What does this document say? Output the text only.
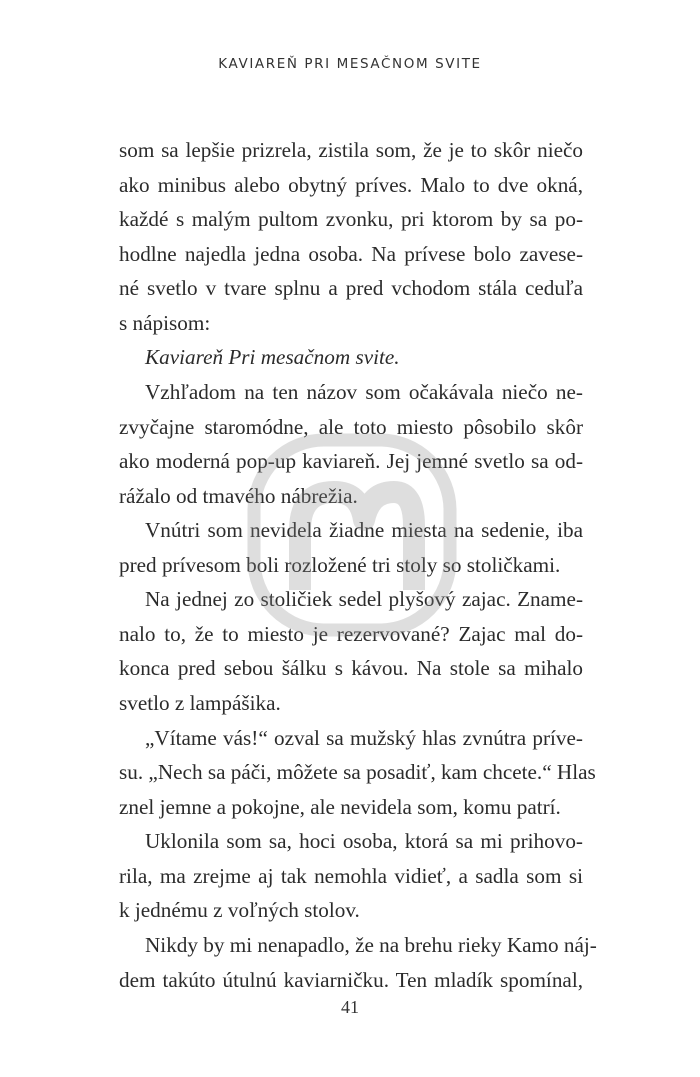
KAVIAREŇ PRI MESAČNOM SVITE
som sa lepšie prizrela, zistila som, že je to skôr niečo
ako minibus alebo obytný príves. Malo to dve okná,
každé s malým pultom zvonku, pri ktorom by sa po-
hodlne najedla jedna osoba. Na prívese bolo zavese-
né svetlo v tvare splnu a pred vchodom stála ceduľa
s nápisom:
Kaviareň Pri mesačnom svite.
Vzhľadom na ten názov som očakávala niečo ne-
zvyčajne staromódne, ale toto miesto pôsobilo skôr
ako moderná pop-up kaviareň. Jej jemné svetlo sa od-
rážalo od tmavého nábrežia.
Vnútri som nevidela žiadne miesta na sedenie, iba
pred prívesom boli rozložené tri stoly so stoličkami.
Na jednej zo stoličiek sedel plyšový zajac. Zname-
nalo to, že to miesto je rezervované? Zajac mal do-
konca pred sebou šálku s kávou. Na stole sa mihalo
svetlo z lampášika.
„Vítame vás!“ ozval sa mužský hlas zvnútra príve-
su. „Nech sa páči, môžete sa posadiť, kam chcete.“ Hlas
znel jemne a pokojne, ale nevidela som, komu patrí.
Uklonila som sa, hoci osoba, ktorá sa mi prihovo-
rila, ma zrejme aj tak nemohla vidieť, a sadla som si
k jednému z voľných stolov.
Nikdy by mi nenapadlo, že na brehu rieky Kamo náj-
dem takúto útulnú kaviarničku. Ten mladík spomínal,
41
